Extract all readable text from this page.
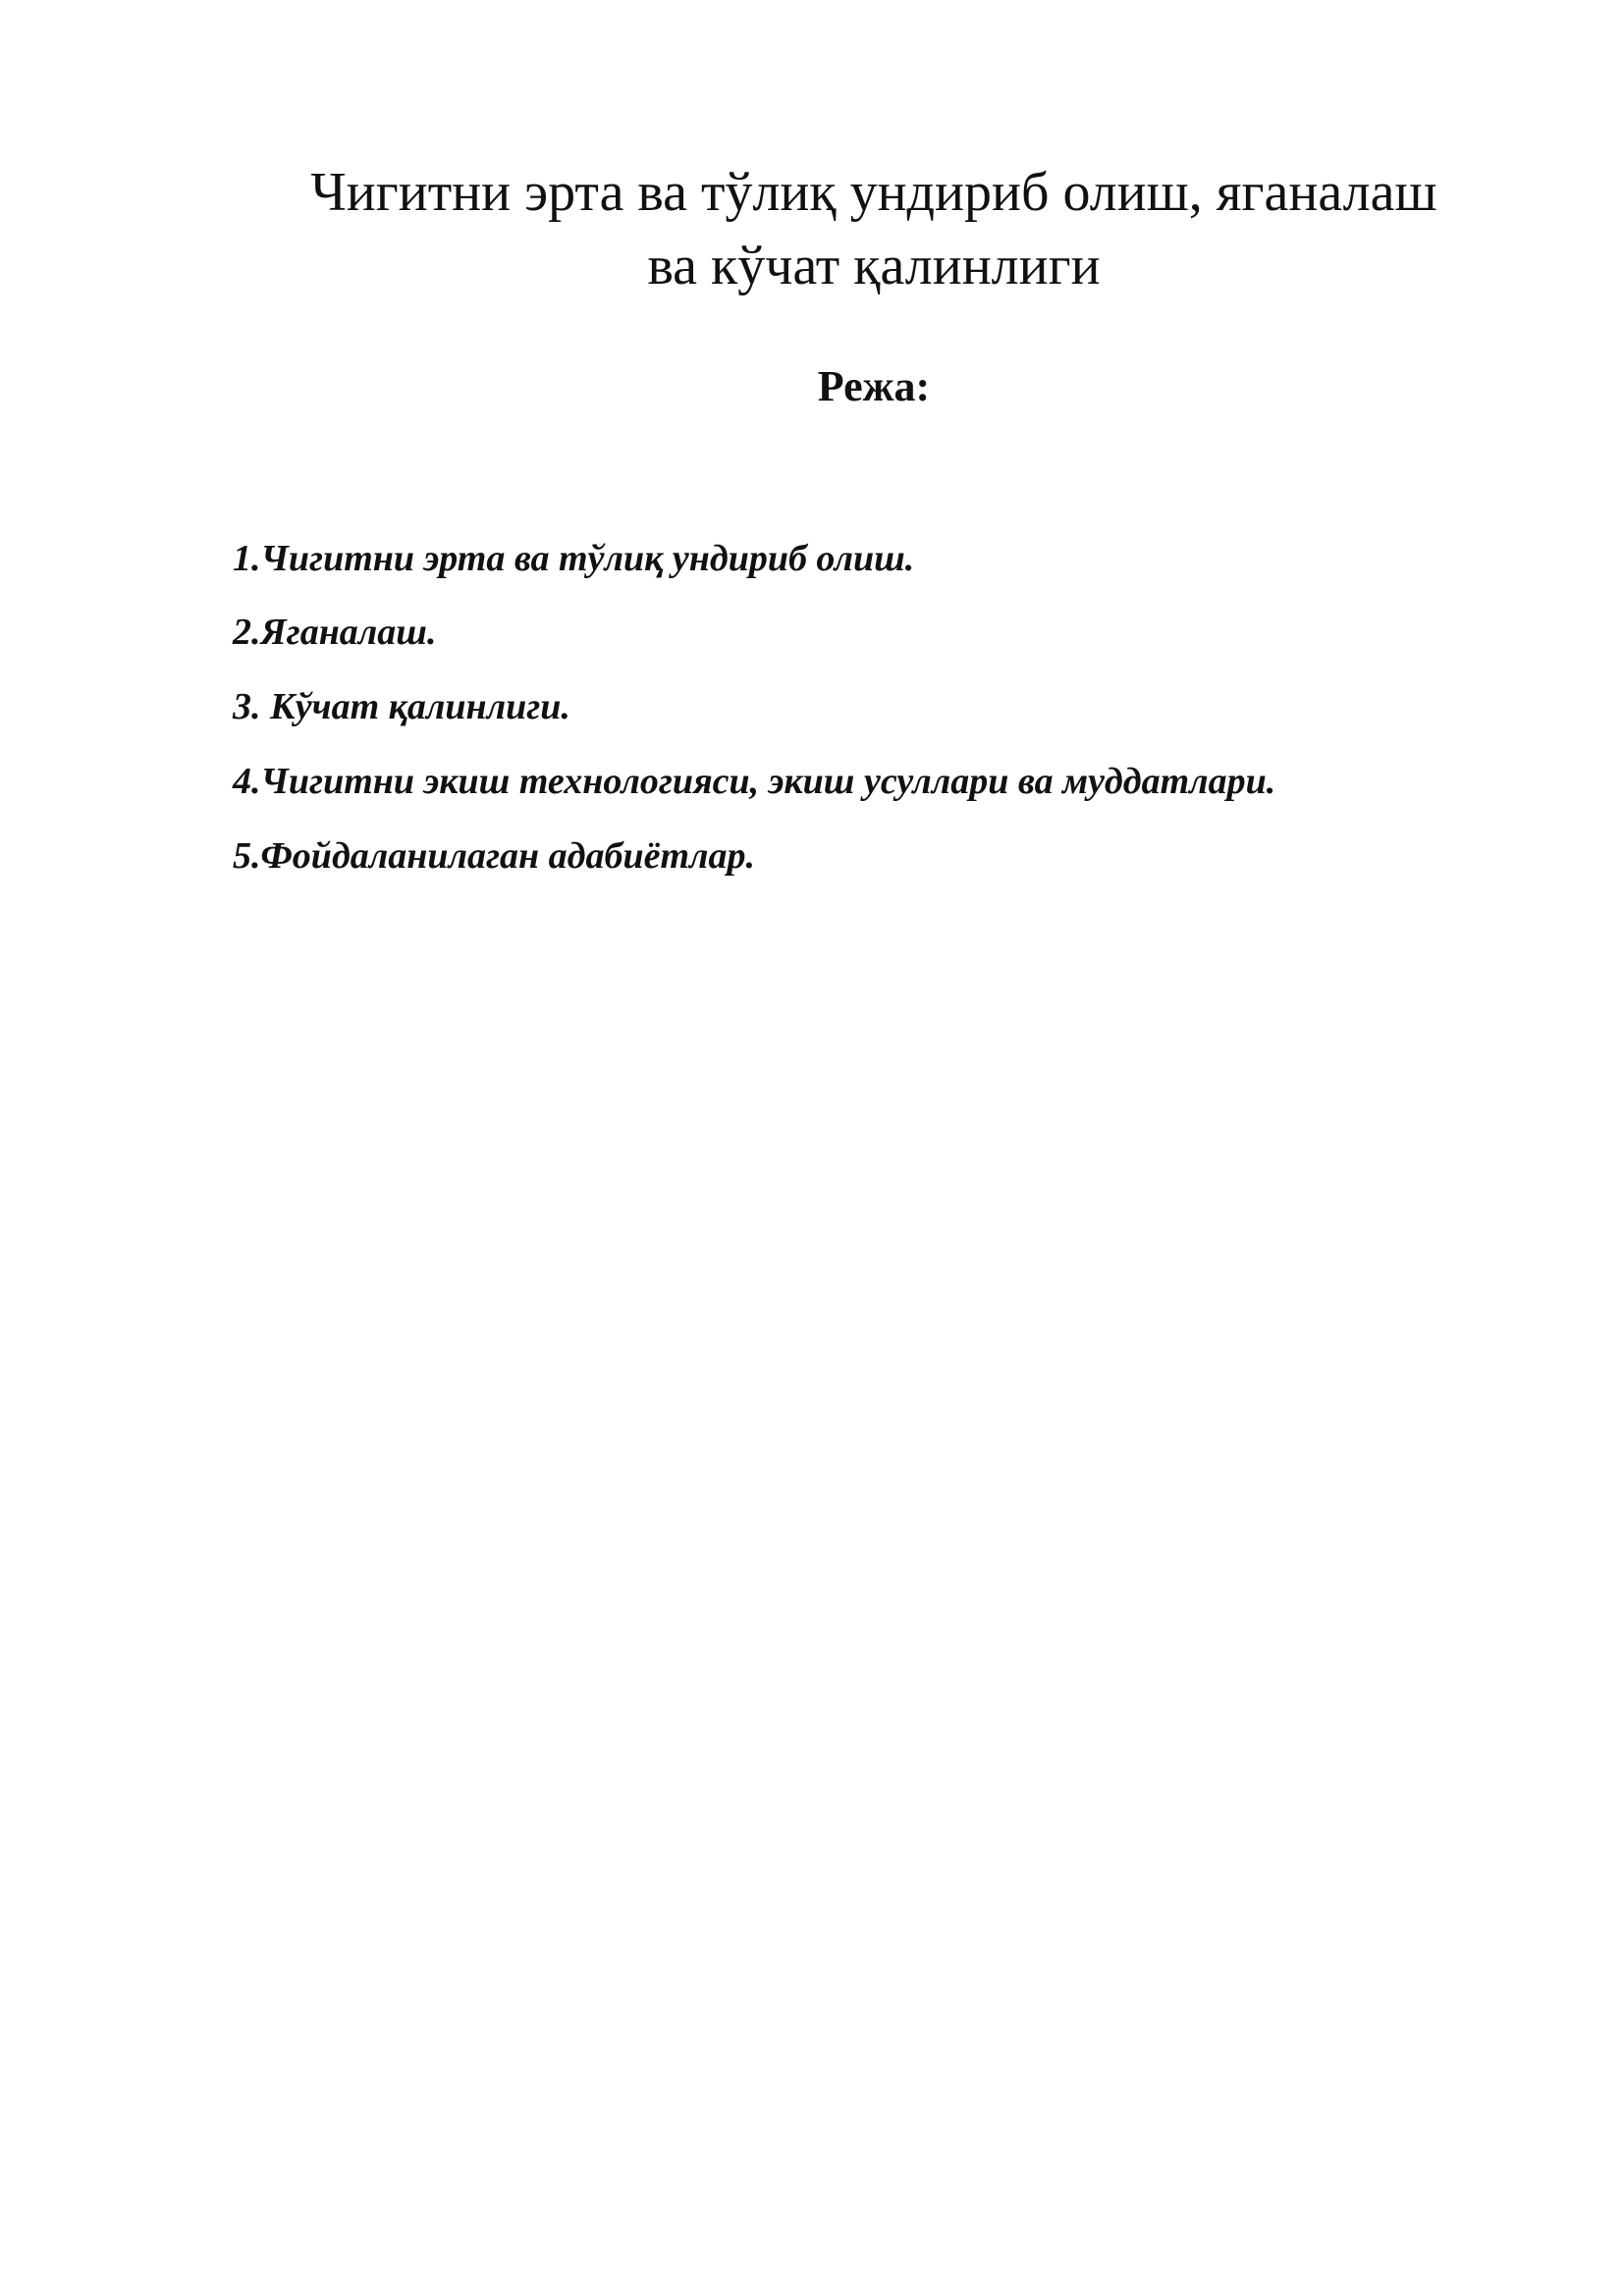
Чигитни эрта ва тўлиқ ундириб олиш, яганалаш
ва кўчат қалинлиги
Режа:
1.Чигитни эрта ва тўлиқ ундириб олиш.
2.Яганалаш.
3. Кўчат қалинлиги.
4.Чигитни экиш технологияси, экиш усуллари ва муддатлари.
5.Фойдаланилаган адабиётлар.
